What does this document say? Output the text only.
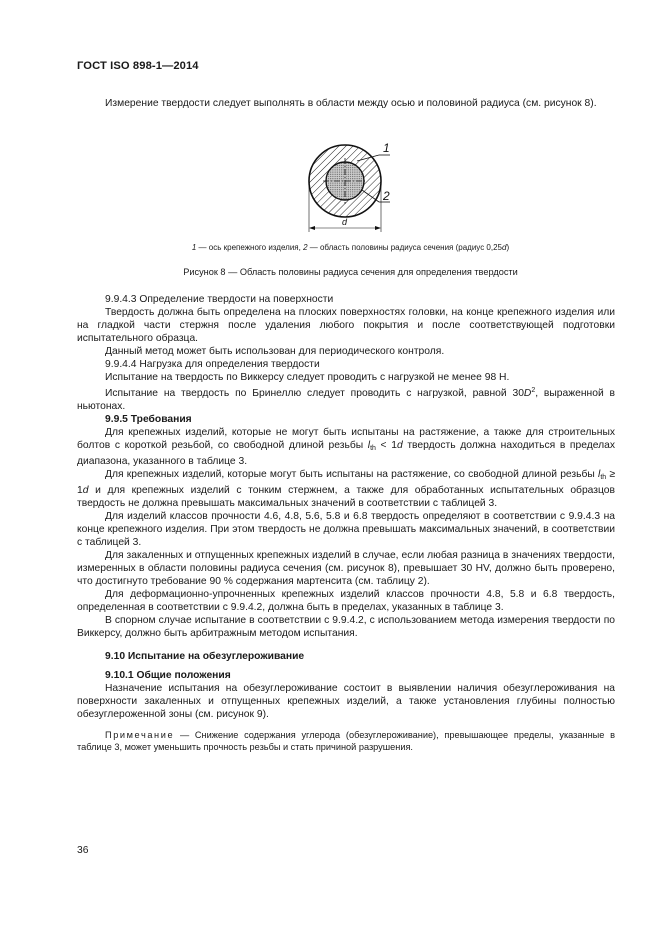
ГОСТ ISO 898-1—2014

Измерение твердости следует выполнять в области между осью и половиной радиуса (см. рисунок 8).

1
2
d
1 — ось крепежного изделия, 2 — область половины радиуса сечения (радиус 0,25d)
Рисунок 8 — Область половины радиуса сечения для определения твердости

9.9.4.3 Определение твердости на поверхности

Твердость должна быть определена на плоских поверхностях головки, на конце крепежного изделия или на гладкой части стержня после удаления любого покрытия и после соответствующей подготовки испытательного образца.

Данный метод может быть использован для периодического контроля.

9.9.4.4 Нагрузка для определения твердости

Испытание на твердость по Виккерсу следует проводить с нагрузкой не менее 98 Н.

Испытание на твердость по Бринеллю следует проводить с нагрузкой, равной $30D^2$, выраженной в ньютонах.

9.9.5 Требования

Для крепежных изделий, которые не могут быть испытаны на растяжение, а также для строительных болтов с короткой резьбой, со свободной длиной резьбы $l_{th} < 1d$ твердость должна находиться в пределах диапазона, указанного в таблице 3.

Для крепежных изделий, которые могут быть испытаны на растяжение, со свободной длиной резьбы $l_{th} \ge 1d$ и для крепежных изделий с тонким стержнем, а также для обработанных испытательных образцов твердость не должна превышать максимальных значений в соответствии с таблицей 3.

Для изделий классов прочности 4.6, 4.8, 5.6, 5.8 и 6.8 твердость определяют в соответствии с 9.9.4.3 на конце крепежного изделия. При этом твердость не должна превышать максимальных значений, в соответствии с таблицей 3.

Для закаленных и отпущенных крепежных изделий в случае, если любая разница в значениях твердости, измеренных в области половины радиуса сечения (см. рисунок 8), превышает 30 HV, должно быть проверено, что достигнуто требование 90 % содержания мартенсита (см. таблицу 2).

Для деформационно-упрочненных крепежных изделий классов прочности 4.8, 5.8 и 6.8 твердость, определенная в соответствии с 9.9.4.2, должна быть в пределах, указанных в таблице 3.

В спорном случае испытание в соответствии с 9.9.4.2, с использованием метода измерения твердости по Виккерсу, должно быть арбитражным методом испытания.

9.10 Испытание на обезуглероживание

9.10.1 Общие положения

Назначение испытания на обезуглероживание состоит в выявлении наличия обезуглероживания на поверхности закаленных и отпущенных крепежных изделий, а также установления глубины полностью обезуглероженной зоны (см. рисунок 9).

Примечание — Снижение содержания углерода (обезуглероживание), превышающее пределы, указанные в таблице 3, может уменьшить прочность резьбы и стать причиной разрушения.

36
